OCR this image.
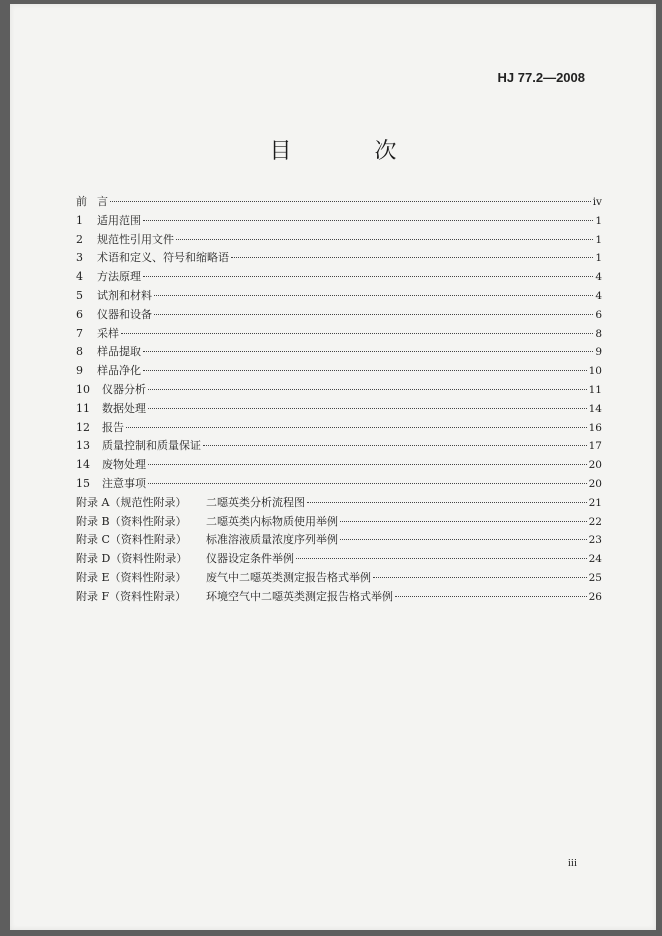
HJ 77.2—2008
目 次
前 言	iv
1	适用范围	1
2	规范性引用文件	1
3	术语和定义、符号和缩略语	1
4	方法原理	4
5	试剂和材料	4
6	仪器和设备	6
7	采样	8
8	样品提取	9
9	样品净化	10
10	仪器分析	11
11	数据处理	14
12	报告	16
13	质量控制和质量保证	17
14	废物处理	20
15	注意事项	20
附录 A（规范性附录）	二噁英类分析流程图	21
附录 B（资料性附录）	二噁英类内标物质使用举例	22
附录 C（资料性附录）	标准溶液质量浓度序列举例	23
附录 D（资料性附录）	仪器设定条件举例	24
附录 E（资料性附录）	废气中二噁英类测定报告格式举例	25
附录 F（资料性附录）	环境空气中二噁英类测定报告格式举例	26
iii
